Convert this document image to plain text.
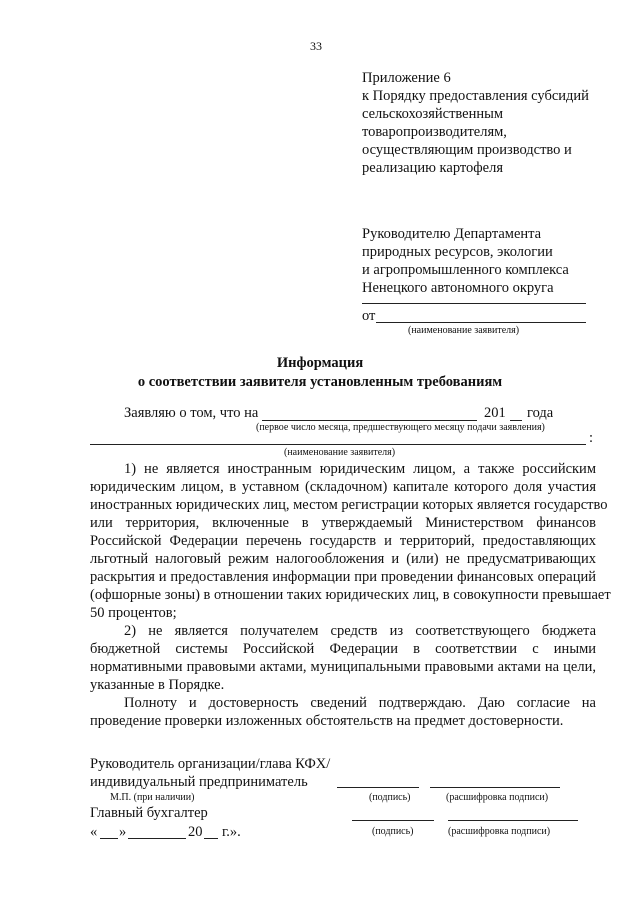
33
Приложение 6
к Порядку предоставления субсидий
сельскохозяйственным
товаропроизводителям,
осуществляющим производство и
реализацию картофеля
Руководителю Департамента
природных ресурсов, экологии
и агропромышленного комплекса
Ненецкого автономного округа
от
(наименование заявителя)
Информация
о соответствии заявителя установленным требованиям
Заявляю о том, что на	201 года
(первое число месяца, предшествующего месяцу подачи заявления)
:
(наименование заявителя)
1) не является иностранным юридическим лицом, а также российским
юридическим лицом, в уставном (складочном) капитале которого доля участия
иностранных юридических лиц, местом регистрации которых является государство
или территория, включенные в утверждаемый Министерством финансов
Российской Федерации перечень государств и территорий, предоставляющих
льготный налоговый режим налогообложения и (или) не предусматривающих
раскрытия и предоставления информации при проведении финансовых операций
(офшорные зоны) в отношении таких юридических лиц, в совокупности превышает
50 процентов;
2) не является получателем средств из соответствующего бюджета
бюджетной системы Российской Федерации в соответствии с иными
нормативными правовыми актами, муниципальными правовыми актами на цели,
указанные в Порядке.
Полноту и достоверность сведений подтверждаю. Даю согласие на
проведение проверки изложенных обстоятельств на предмет достоверности.
Руководитель организации/глава КФХ/
индивидуальный предприниматель
М.П. (при наличии)	(подпись)	(расшифровка подписи)
Главный бухгалтер
(подпись)	(расшифровка подписи)
« »	20 г.».
